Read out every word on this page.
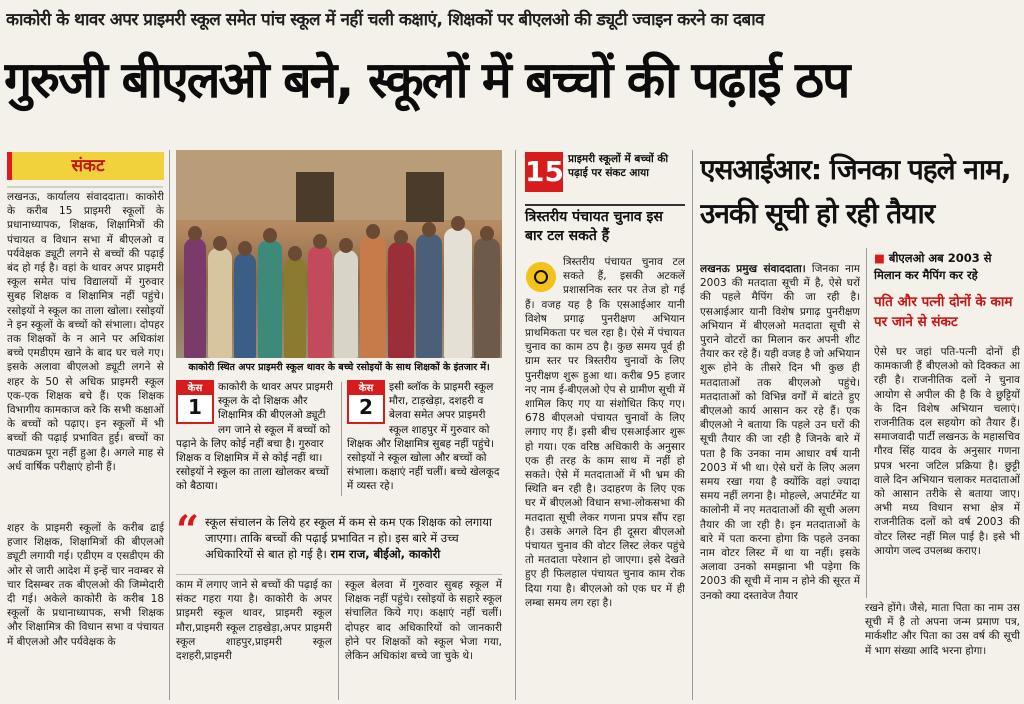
काकोरी के थावर अपर प्राइमरी स्कूल समेत पांच स्कूल में नहीं चली कक्षाएं, शिक्षकों पर बीएलओ की ड्यूटी ज्वाइन करने का दबाव
गुरुजी बीएलओ बने, स्कूलों में बच्चों की पढ़ाई ठप
संकट

लखनऊ, कार्यालय संवाददाता। काकोरी के करीब 15 प्राइमरी स्कूलों के प्रधानाध्यापक, शिक्षक, शिक्षामित्रों की पंचायत व विधान सभा में बीएलओ व पर्यवेक्षक ड्यूटी लगने से बच्चों की पढ़ाई बंद हो गई है। वहां के थावर अपर प्राइमरी स्कूल समेत पांच विद्यालयों में गुरुवार सुबह शिक्षक व शिक्षामित्र नहीं पहुंचे। रसोइयों ने स्कूल का ताला खोला। रसोइयों ने इन स्कूलों के बच्चों को संभाला। दोपहर तक शिक्षकों के न आने पर अधिकांश बच्चे एमडीएम खाने के बाद घर चले गए। इसके अलावा बीएलओ ड्यूटी लगने से शहर के 50 से अधिक प्राइमरी स्कूल एक-एक शिक्षक बचे हैं। एक शिक्षक विभागीय कामकाज करे कि सभी कक्षाओं के बच्चों को पढ़ाए। इन स्कूलों में भी बच्चों की पढ़ाई प्रभावित हुई। बच्चों का पाठ्यक्रम पूरा नहीं हुआ है। अगले माह से अर्ध वार्षिक परीक्षाएं होनी हैं।

शहर के प्राइमरी स्कूलों के करीब ढाई हजार शिक्षक, शिक्षामित्रों की बीएलओ ड्यूटी लगायी गई। एडीएम व एसडीएम की ओर से जारी आदेश में इन्हें चार नवम्बर से चार दिसम्बर तक बीएलओ की जिम्मेदारी दी गई। अकेले काकोरी के करीब 18 स्कूलों के प्रधानाध्यापक, सभी शिक्षक और शिक्षामित्र की विधान सभा व पंचायत में बीएलओ और पर्यवेक्षक के

काकोरी स्थित अपर प्राइमरी स्कूल थावर के बच्चे रसोइयों के साथ शिक्षकों के इंतजार में।
केस
1
काकोरी के थावर अपर प्राइमरी स्कूल के दो शिक्षक और शिक्षामित्र की बीएलओ ड्यूटी लग जाने से स्कूल में बच्चों को पढ़ाने के लिए कोई नहीं बचा है। गुरुवार शिक्षक व शिक्षामित्र में से कोई नहीं था। रसोइयों ने स्कूल का ताला खोलकर बच्चों को बैठाया।
केस
2
इसी ब्लॉक के प्राइमरी स्कूल मौरा, टाड़खेड़ा, दशहरी व बेलवा समेत अपर प्राइमरी स्कूल शाहपुर में गुरुवार को शिक्षक और शिक्षामित्र सुबह नहीं पहुंचे। रसोइयों ने स्कूल खोला और बच्चों को संभाला। कक्षाएं नहीं चलीं। बच्चे खेलकूद में व्यस्त रहे।
“ स्कूल संचालन के लिये हर स्कूल में कम से कम एक शिक्षक को लगाया जाएगा। ताकि बच्चों की पढ़ाई प्रभावित न हो। इस बारे में उच्च अधिकारियों से बात हो गई है। राम राज, बीईओ, काकोरी

काम में लगाए जाने से बच्चों की पढ़ाई का संकट गहरा गया है। काकोरी के अपर प्राइमरी स्कूल थावर, प्राइमरी स्कूल मौरा,प्राइमरी स्कूल टाड़खेड़ा,अपर प्राइमरी स्कूल शाहपुर,प्राइमरी स्कूल दशहरी,प्राइमरी

स्कूल बेलवा में गुरुवार सुबह स्कूल में शिक्षक नहीं पहुंचे। रसोइयों के सहारे स्कूल संचालित किये गए। कक्षाएं नहीं चलीं। दोपहर बाद अधिकारियों को जानकारी होने पर शिक्षकों को स्कूल भेजा गया, लेकिन अधिकांश बच्चे जा चुके थे।

15 प्राइमरी स्कूलों में बच्चों की पढ़ाई पर संकट आया
त्रिस्तरीय पंचायत चुनाव इस बार टल सकते हैं

त्रिस्तरीय पंचायत चुनाव टल सकते हैं, इसकी अटकलें प्रशासनिक स्तर पर तेज हो गई हैं। वजह यह है कि एसआईआर यानी विशेष प्रगाढ़ पुनरीक्षण अभियान प्राथमिकता पर चल रहा है। ऐसे में पंचायत चुनाव का काम ठप है। कुछ समय पूर्व ही ग्राम स्तर पर त्रिस्तरीय चुनावों के लिए पुनरीक्षण शुरू हुआ था। करीब 95 हजार नए नाम ई-बीएलओ ऐप से ग्रामीण सूची में शामिल किए गए या संशोधित किए गए। 678 बीएलओ पंचायत चुनावों के लिए लगाए गए हैं। इसी बीच एसआईआर शुरू हो गया। एक वरिष्ठ अधिकारी के अनुसार एक ही तरह के काम साथ में नहीं हो सकते। ऐसे में मतदाताओं में भी भ्रम की स्थिति बन रही है। उदाहरण के लिए एक घर में बीएलओ विधान सभा-लोकसभा की मतदाता सूची लेकर गणना प्रपत्र सौंप रहा है। उसके अगले दिन ही दूसरा बीएलओ पंचायत चुनाव की वोटर लिस्ट लेकर पहुंचे तो मतदाता परेशान हो जाएगा। इसे देखते हुए ही फिलहाल पंचायत चुनाव काम रोक दिया गया है। बीएलओ को एक घर में ही लम्बा समय लग रहा है।

एसआईआर: जिनका पहले नाम, उनकी सूची हो रही तैयार

लखनऊ प्रमुख संवाददाता। जिनका नाम 2003 की मतदाता सूची में है, ऐसे घरों की पहले मैपिंग की जा रही है। एसआईआर यानी विशेष प्रगाढ़ पुनरीक्षण अभियान में बीएलओ मतदाता सूची से पुराने वोटरों का मिलान कर अपनी शीट तैयार कर रहे हैं। यही वजह है जो अभियान शुरू होने के तीसरे दिन भी कुछ ही मतदाताओं तक बीएलओ पहुंचे। मतदाताओं को विभिन्न वर्गों में बांटते हुए बीएलओ कार्य आसान कर रहे हैं। एक बीएलओ ने बताया कि पहले उन घरों की सूची तैयार की जा रही है जिनके बारे में पता है कि उनका नाम आधार वर्ष यानी 2003 में भी था। ऐसे घरों के लिए अलग समय रखा गया है क्योंकि वहां ज्यादा समय नहीं लगना है। मोहल्ले, अपार्टमेंट या कालोनी में नए मतदाताओं की सूची अलग तैयार की जा रही है। इन मतदाताओं के बारे में पता करना होगा कि पहले उनका नाम वोटर लिस्ट में था या नहीं। इसके अलावा उनको समझाना भी पड़ेगा कि 2003 की सूची में नाम न होने की सूरत में उनको क्या दस्तावेज तैयार

■ बीएलओ अब 2003 से मिलान कर मैपिंग कर रहे
पति और पत्नी दोनों के काम पर जाने से संकट

ऐसे घर जहां पति-पत्नी दोनों ही कामकाजी हैं बीएलओ को दिक्कत आ रही है। राजनीतिक दलों ने चुनाव आयोग से अपील की है कि वे छुट्टियों के दिन विशेष अभियान चलाएं। राजनीतिक दल सहयोग को तैयार हैं। समाजवादी पार्टी लखनऊ के महासचिव गौरव सिंह यादव के अनुसार गणना प्रपत्र भरना जटिल प्रक्रिया है। छुट्टी वाले दिन अभियान चलाकर मतदाताओं को आसान तरीके से बताया जाए। अभी मध्य विधान सभा क्षेत्र में राजनीतिक दलों को वर्ष 2003 की वोटर लिस्ट नहीं मिल पाई है। इसे भी आयोग जल्द उपलब्ध कराए।

रखने होंगे। जैसे, माता पिता का नाम उस सूची में है तो अपना जन्म प्रमाण पत्र, मार्कशीट और पिता का उस वर्ष की सूची में भाग संख्या आदि भरना होगा।
